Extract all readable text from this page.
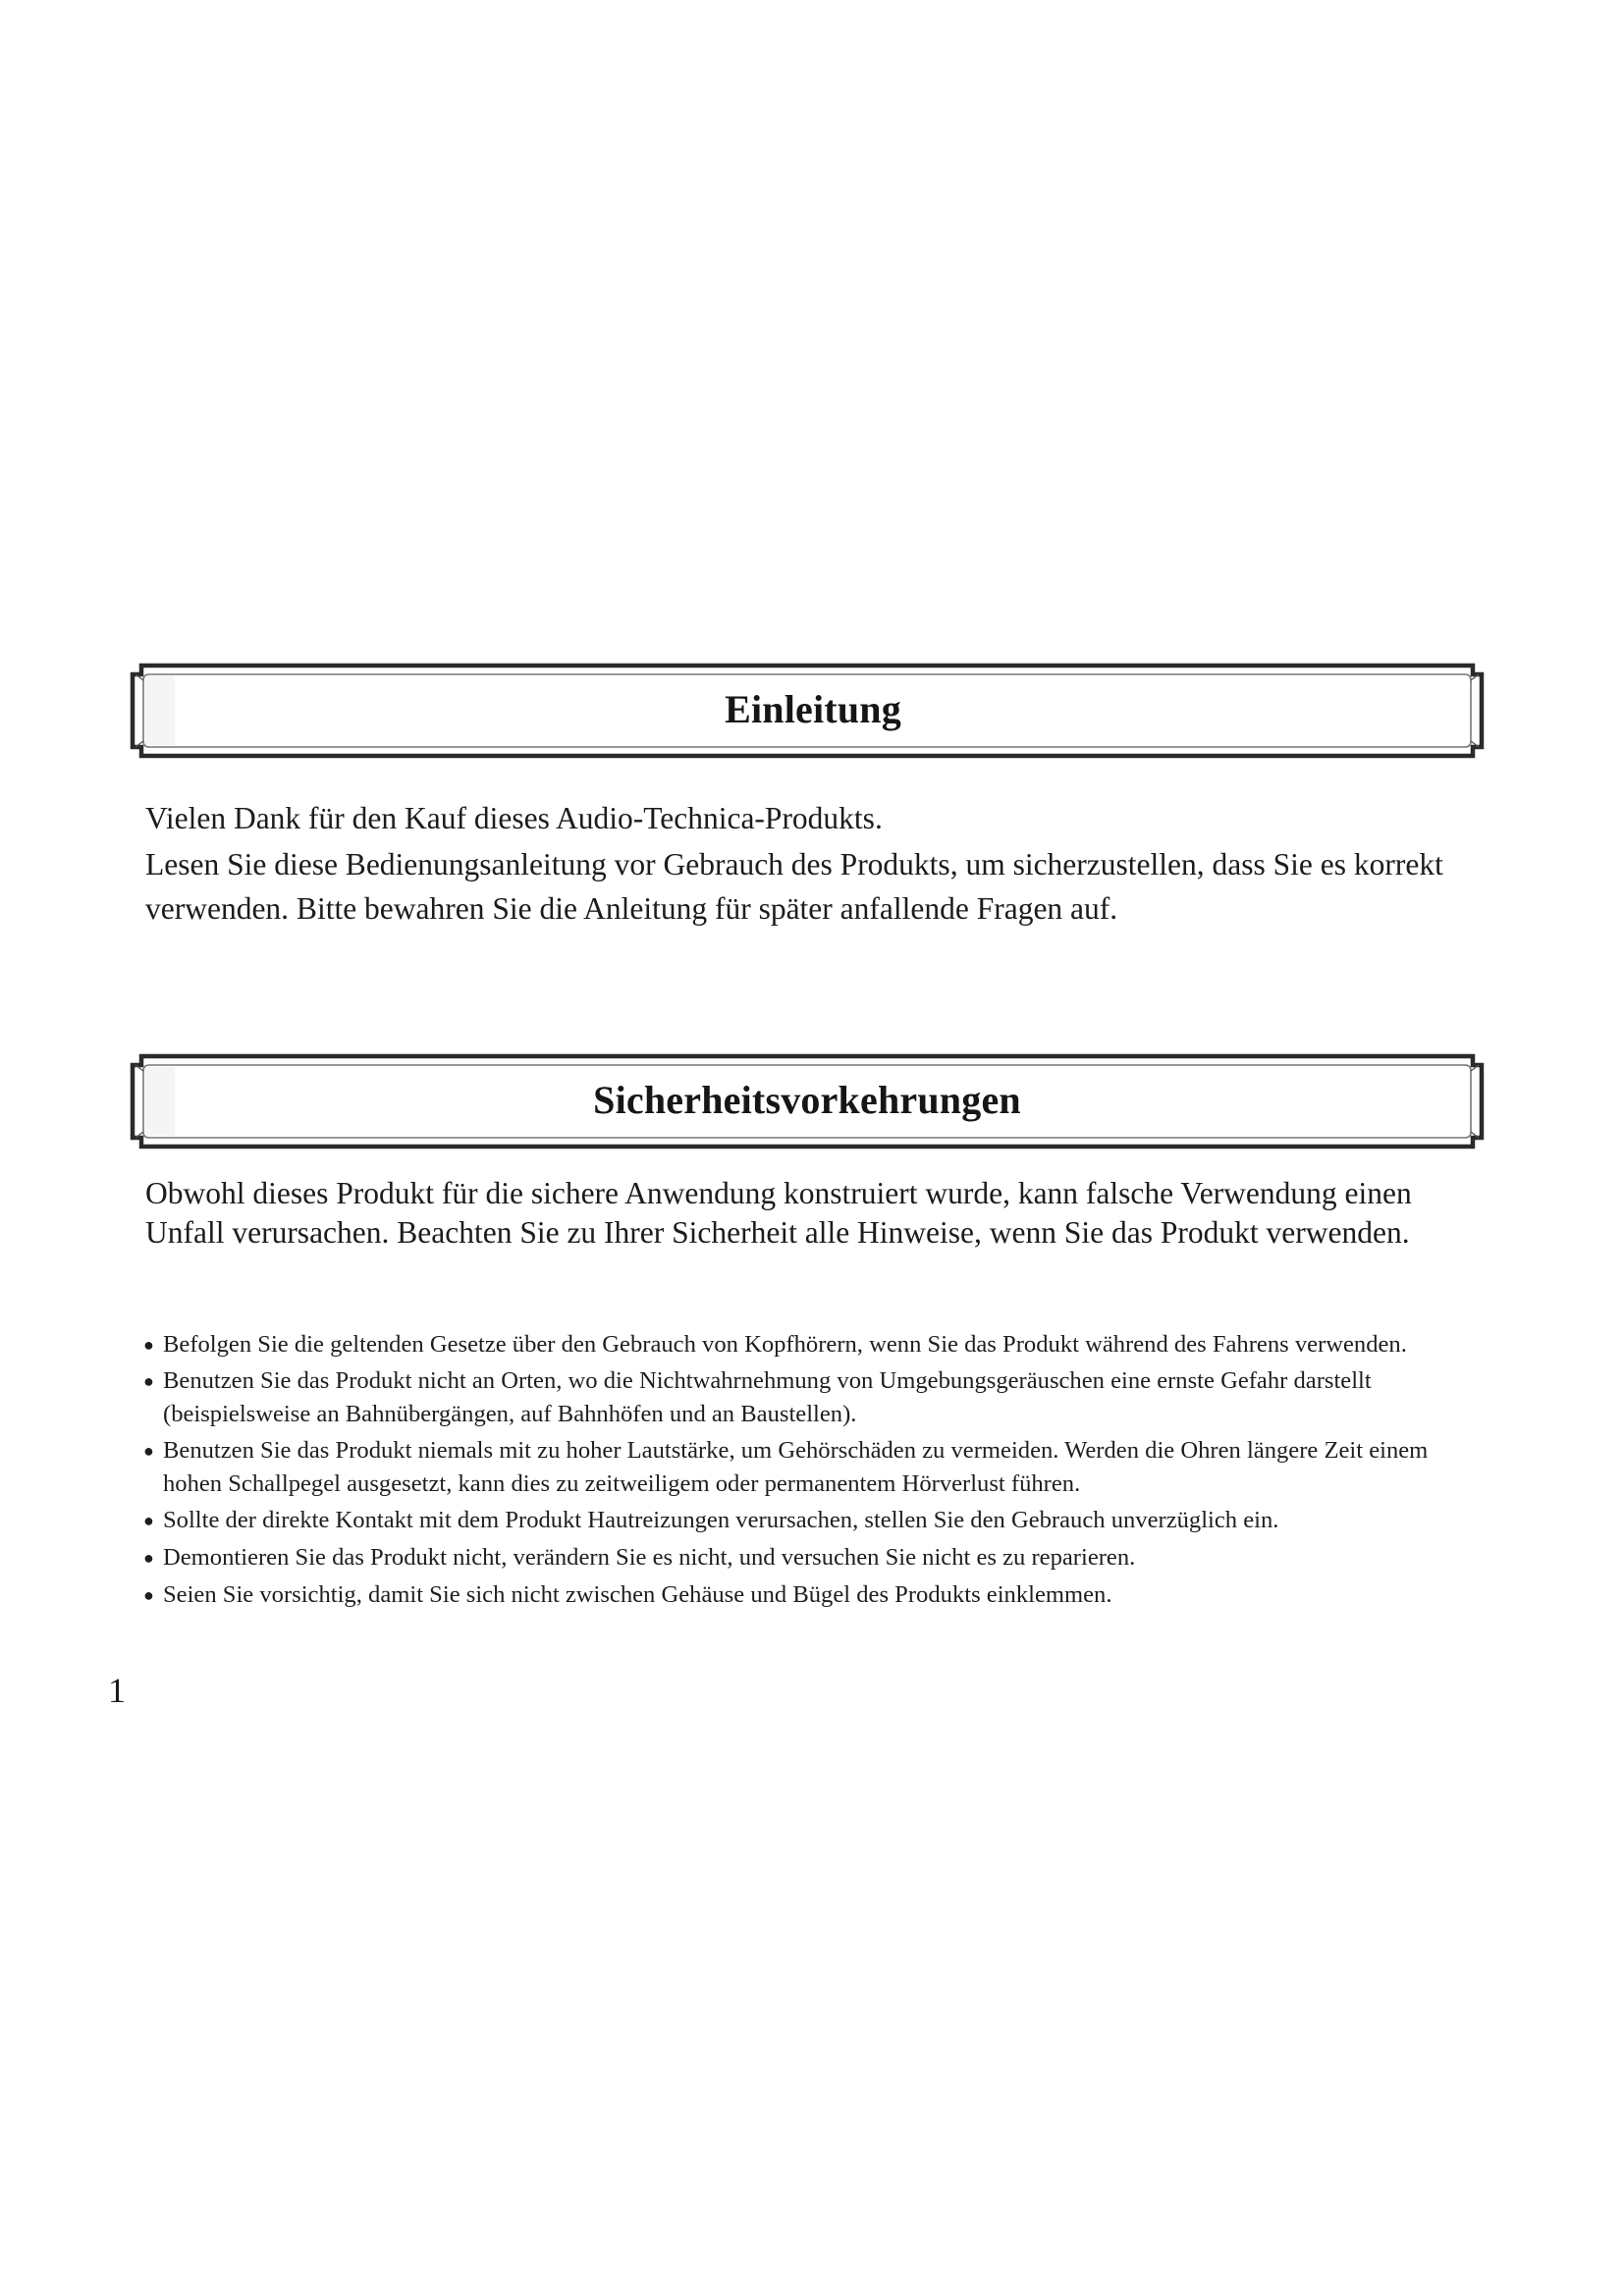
Einleitung
Vielen Dank für den Kauf dieses Audio-Technica-Produkts.
Lesen Sie diese Bedienungsanleitung vor Gebrauch des Produkts, um sicherzustellen, dass Sie es korrekt verwenden. Bitte bewahren Sie die Anleitung für später anfallende Fragen auf.
Sicherheitsvorkehrungen
Obwohl dieses Produkt für die sichere Anwendung konstruiert wurde, kann falsche Verwendung einen Unfall verursachen. Beachten Sie zu Ihrer Sicherheit alle Hinweise, wenn Sie das Produkt verwenden.
● Befolgen Sie die geltenden Gesetze über den Gebrauch von Kopfhörern, wenn Sie das Produkt während des Fahrens verwenden.
● Benutzen Sie das Produkt nicht an Orten, wo die Nichtwahrnehmung von Umgebungsgeräuschen eine ernste Gefahr darstellt (beispielsweise an Bahnübergängen, auf Bahnhöfen und an Baustellen).
● Benutzen Sie das Produkt niemals mit zu hoher Lautstärke, um Gehörschäden zu vermeiden. Werden die Ohren längere Zeit einem hohen Schallpegel ausgesetzt, kann dies zu zeitweiligem oder permanentem Hörverlust führen.
● Sollte der direkte Kontakt mit dem Produkt Hautreizungen verursachen, stellen Sie den Gebrauch unverzüglich ein.
● Demontieren Sie das Produkt nicht, verändern Sie es nicht, und versuchen Sie nicht es zu reparieren.
● Seien Sie vorsichtig, damit Sie sich nicht zwischen Gehäuse und Bügel des Produkts einklemmen.
1
